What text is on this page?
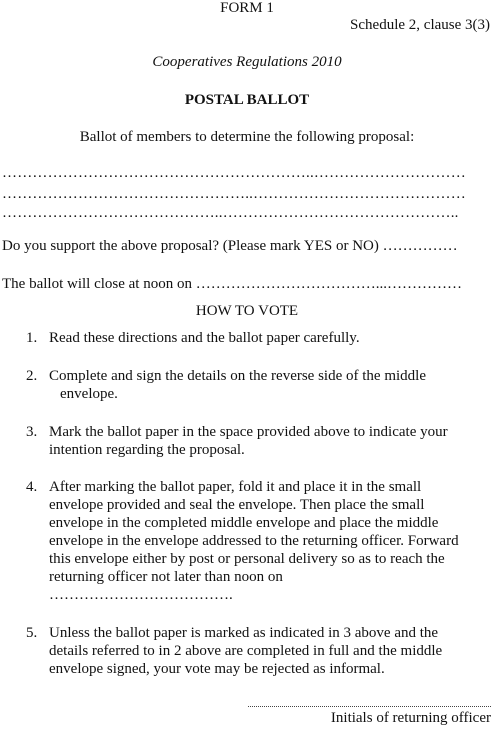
FORM 1
Schedule 2, clause 3(3)
Cooperatives Regulations 2010
POSTAL BALLOT
Ballot of members to determine the following proposal:
……………………………………………………..…………………………
…………………………………………..……………………………………
……………………………………..………………………………………..
Do you support the above proposal? (Please mark YES or NO) ……………
The ballot will close at noon on ………………………………...……………
HOW TO VOTE
1. Read these directions and the ballot paper carefully.
2. Complete and sign the details on the reverse side of the middle
envelope.
3. Mark the ballot paper in the space provided above to indicate your
intention regarding the proposal.
4. After marking the ballot paper, fold it and place it in the small
envelope provided and seal the envelope. Then place the small
envelope in the completed middle envelope and place the middle
envelope in the envelope addressed to the returning officer. Forward
this envelope either by post or personal delivery so as to reach the
returning officer not later than noon on
……………………………….
5. Unless the ballot paper is marked as indicated in 3 above and the
details referred to in 2 above are completed in full and the middle
envelope signed, your vote may be rejected as informal.
Initials of returning officer
